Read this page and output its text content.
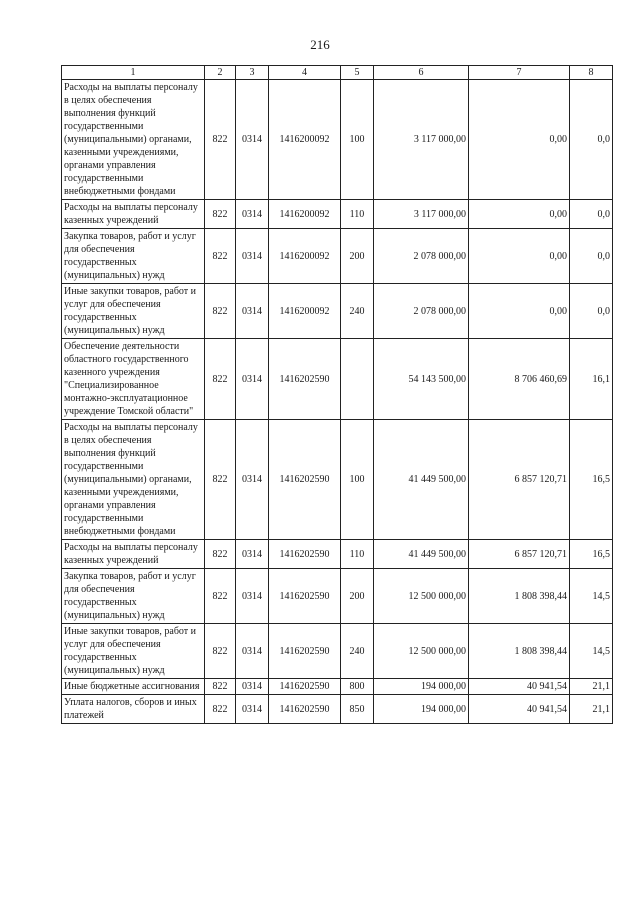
216
1	2	3	4	5	6	7	8
Расходы на выплаты персоналу в целях обеспечения выполнения функций государственными (муниципальными) органами, казенными учреждениями, органами управления государственными внебюджетными фондами	822	0314	1416200092	100	3 117 000,00	0,00	0,0
Расходы на выплаты персоналу казенных учреждений	822	0314	1416200092	110	3 117 000,00	0,00	0,0
Закупка товаров, работ и услуг для обеспечения государственных (муниципальных) нужд	822	0314	1416200092	200	2 078 000,00	0,00	0,0
Иные закупки товаров, работ и услуг для обеспечения государственных (муниципальных) нужд	822	0314	1416200092	240	2 078 000,00	0,00	0,0
Обеспечение деятельности областного государственного казенного учреждения "Специализированное монтажно-эксплуатационное учреждение Томской области"	822	0314	1416202590		54 143 500,00	8 706 460,69	16,1
Расходы на выплаты персоналу в целях обеспечения выполнения функций государственными (муниципальными) органами, казенными учреждениями, органами управления государственными внебюджетными фондами	822	0314	1416202590	100	41 449 500,00	6 857 120,71	16,5
Расходы на выплаты персоналу казенных учреждений	822	0314	1416202590	110	41 449 500,00	6 857 120,71	16,5
Закупка товаров, работ и услуг для обеспечения государственных (муниципальных) нужд	822	0314	1416202590	200	12 500 000,00	1 808 398,44	14,5
Иные закупки товаров, работ и услуг для обеспечения государственных (муниципальных) нужд	822	0314	1416202590	240	12 500 000,00	1 808 398,44	14,5
Иные бюджетные ассигнования	822	0314	1416202590	800	194 000,00	40 941,54	21,1
Уплата налогов, сборов и иных платежей	822	0314	1416202590	850	194 000,00	40 941,54	21,1
